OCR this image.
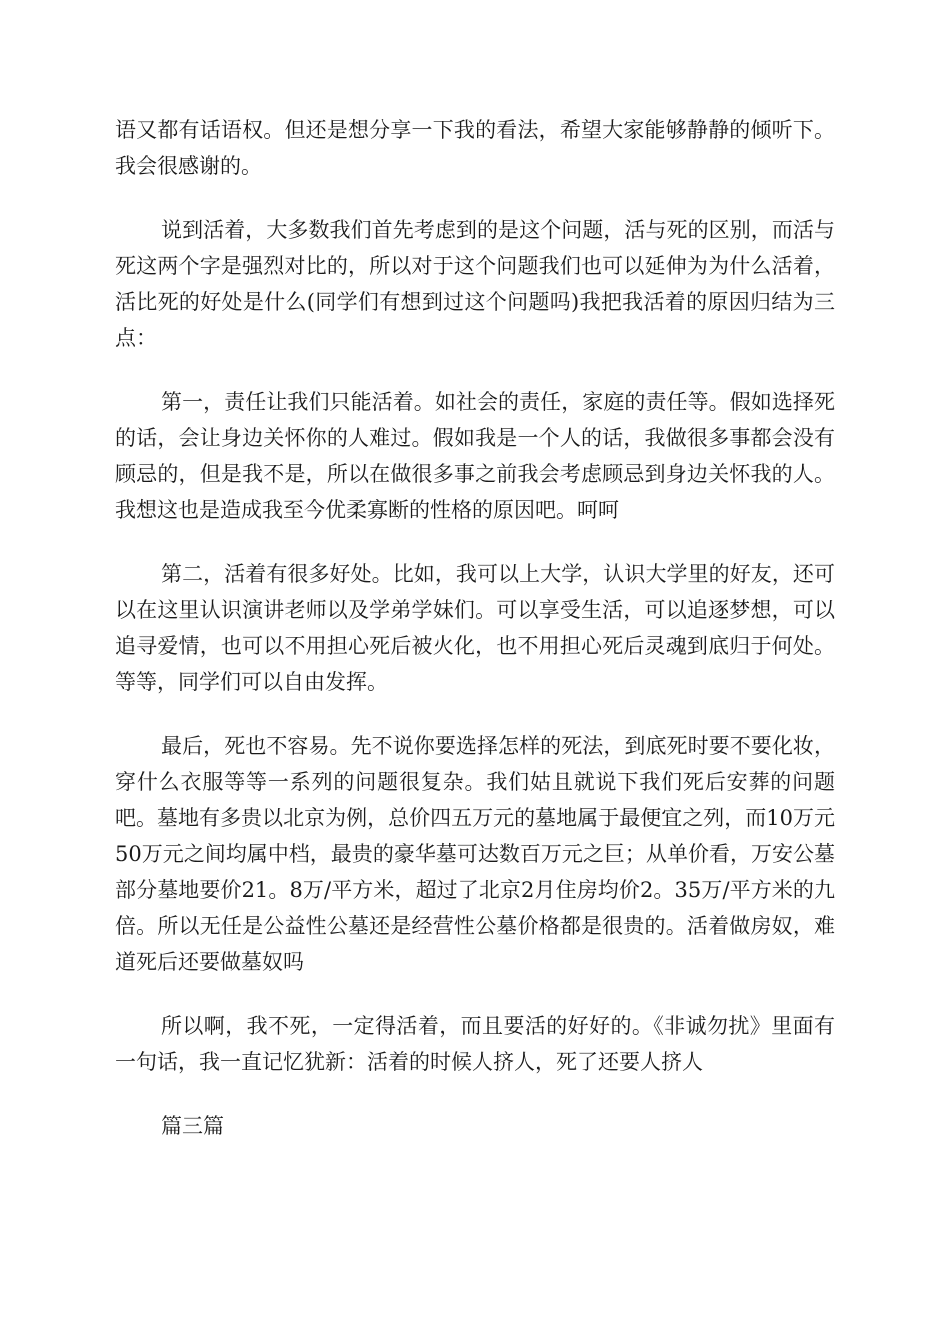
语又都有话语权。但还是想分享一下我的看法，希望大家能够静静的倾听下。我会很感谢的。

说到活着，大多数我们首先考虑到的是这个问题，活与死的区别，而活与死这两个字是强烈对比的，所以对于这个问题我们也可以延伸为为什么活着，活比死的好处是什么(同学们有想到过这个问题吗)我把我活着的原因归结为三点：

第一，责任让我们只能活着。如社会的责任，家庭的责任等。假如选择死的话，会让身边关怀你的人难过。假如我是一个人的话，我做很多事都会没有顾忌的，但是我不是，所以在做很多事之前我会考虑顾忌到身边关怀我的人。我想这也是造成我至今优柔寡断的性格的原因吧。呵呵

第二，活着有很多好处。比如，我可以上大学，认识大学里的好友，还可以在这里认识演讲老师以及学弟学妹们。可以享受生活，可以追逐梦想，可以追寻爱情，也可以不用担心死后被火化，也不用担心死后灵魂到底归于何处。等等，同学们可以自由发挥。

最后，死也不容易。先不说你要选择怎样的死法，到底死时要不要化妆，穿什么衣服等等一系列的问题很复杂。我们姑且就说下我们死后安葬的问题吧。墓地有多贵以北京为例，总价四五万元的墓地属于最便宜之列，而10万元50万元之间均属中档，最贵的豪华墓可达数百万元之巨；从单价看，万安公墓部分墓地要价21。8万/平方米，超过了北京2月住房均价2。35万/平方米的九倍。所以无任是公益性公墓还是经营性公墓价格都是很贵的。活着做房奴，难道死后还要做墓奴吗

所以啊，我不死，一定得活着，而且要活的好好的。《非诚勿扰》里面有一句话，我一直记忆犹新：活着的时候人挤人，死了还要人挤人

篇三篇
